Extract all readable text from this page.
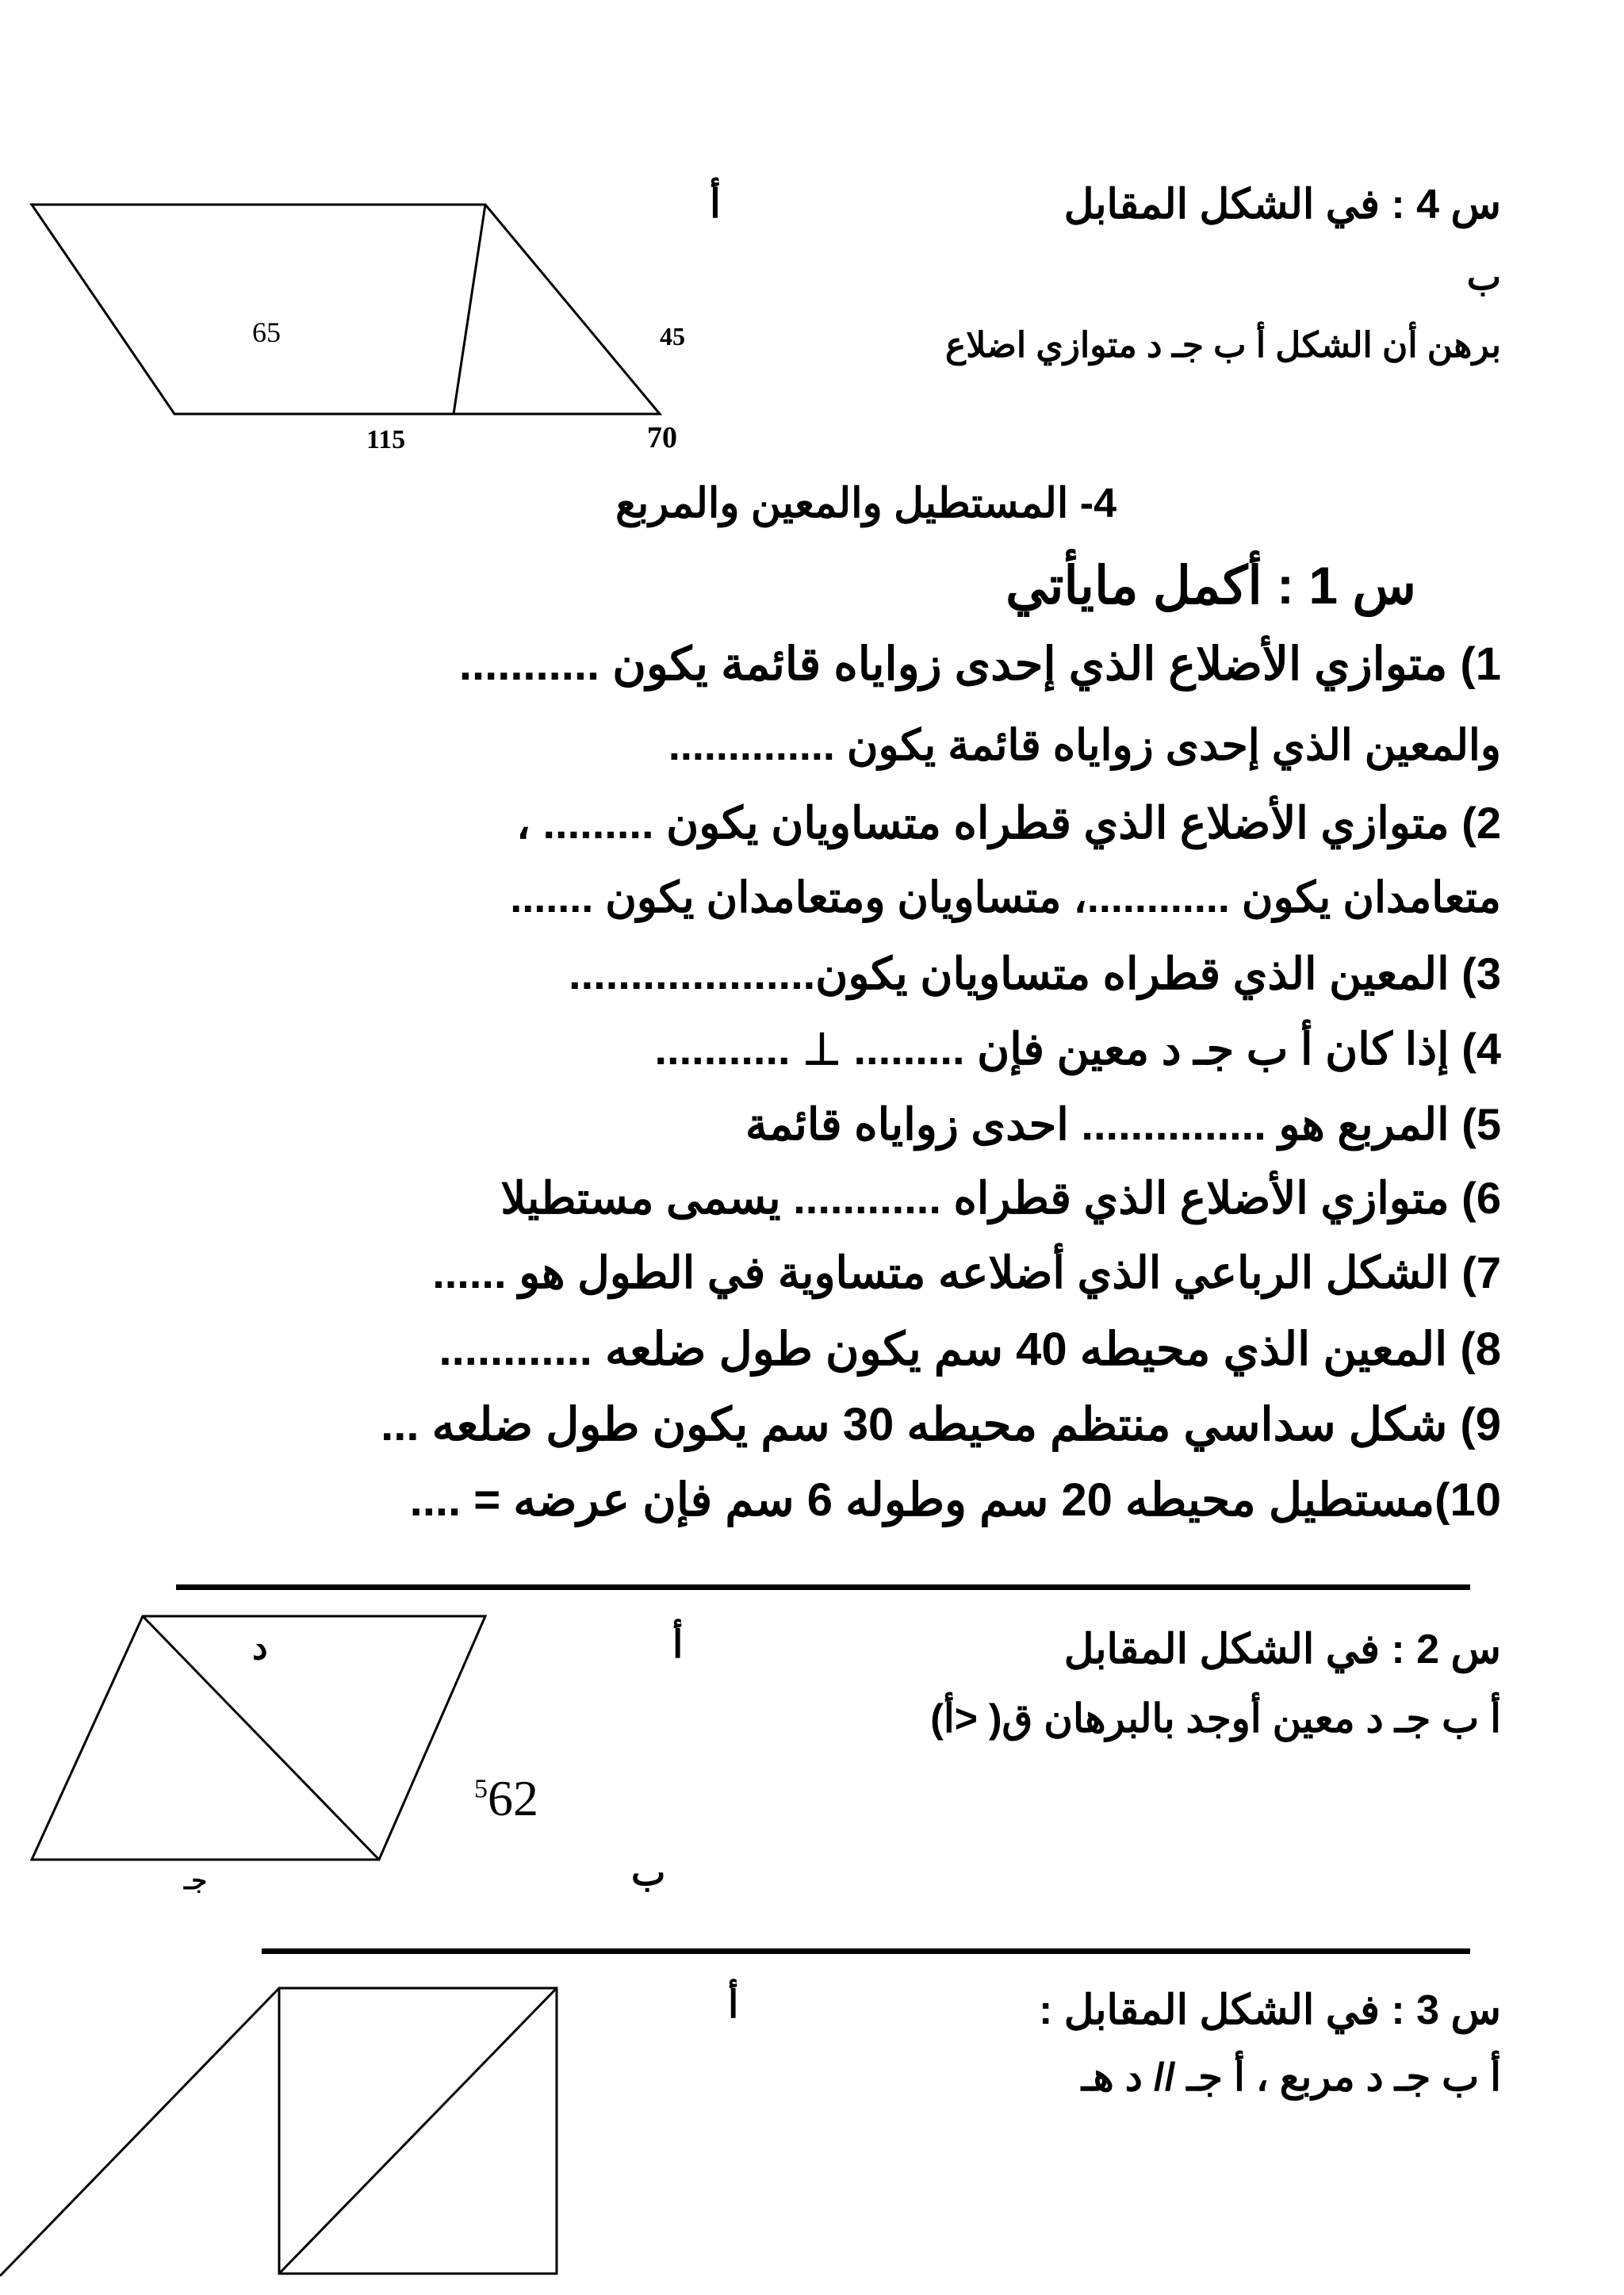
س 4 : في الشكل المقابل
أ
ب
برهن أن الشكل أ ب جـ د متوازي اضلاع
65	45
115	70
4- المستطيل والمعين والمربع
س 1 : أكمل مايأتي
1) متوازي الأضلاع الذي إحدى زواياه قائمة يكون ...........
والمعين الذي إحدى زواياه قائمة يكون ..............
2) متوازي الأضلاع الذي قطراه متساويان يكون ......... ،
متعامدان يكون ............، متساويان ومتعامدان يكون .......
3) المعين الذي قطراه متساويان يكون....................
4) إذا كان أ ب جـ د معين فإن ......... ⊥ ...........
5) المربع هو ............... احدى زواياه قائمة
6) متوازي الأضلاع الذي قطراه ............ يسمى مستطيلا
7) الشكل الرباعي الذي أضلاعه متساوية في الطول هو ......
8) المعين الذي محيطه 40 سم يكون طول ضلعه ............
9) شكل سداسي منتظم محيطه 30 سم يكون طول ضلعه ...
10)مستطيل محيطه 20 سم وطوله 6 سم فإن عرضه = ....
س 2 : في الشكل المقابل
أ
د
أ ب جـ د معين أوجد بالبرهان ق( <أ)
$^5$62
ب
جـ
س 3 : في الشكل المقابل :
أ
أ ب جـ د مربع ، أ جـ // د هـ
